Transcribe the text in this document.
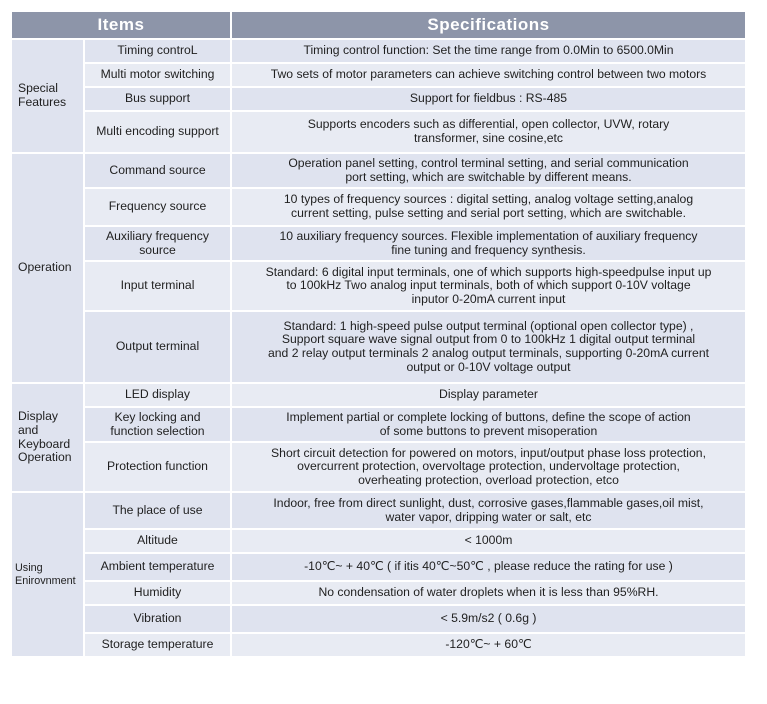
Items		Specifications
Special
Features	Timing controL	Timing control function: Set the time range from 0.0Min to 6500.0Min
	Multi motor switching	Two sets of motor parameters can achieve switching control between two motors
	Bus support	Support for fieldbus : RS-485
	Multi encoding support	Supports encoders such as differential, open collector, UVW, rotary
transformer, sine cosine,etc
Operation	Command source	Operation panel setting, control terminal setting, and serial communication
port setting, which are switchable by different means.
	Frequency source	10 types of frequency sources : digital setting, analog voltage setting,analog
current setting, pulse setting and serial port setting, which are switchable.
	Auxiliary frequency
source	10 auxiliary frequency sources. Flexible implementation of auxiliary frequency
fine tuning and frequency synthesis.
	Input terminal	Standard: 6 digital input terminals, one of which supports high-speedpulse input up
to 100kHz Two analog input terminals, both of which support 0-10V voltage
inputor 0-20mA current input
	Output terminal	Standard: 1 high-speed pulse output terminal (optional open collector type) ,
Support square wave signal output from 0 to 100kHz 1 digital output terminal
and 2 relay output terminals 2 analog output terminals, supporting 0-20mA current
output or 0-10V voltage output
Display
and
Keyboard
Operation	LED display	Display parameter
	Key locking and
function selection	Implement partial or complete locking of buttons, define the scope of action
of some buttons to prevent misoperation
	Protection function	Short circuit detection for powered on motors, input/output phase loss protection,
overcurrent protection, overvoltage protection, undervoltage protection,
overheating protection, overload protection, etco
Using
Enirovnment	The place of use	Indoor, free from direct sunlight, dust, corrosive gases,flammable gases,oil mist,
water vapor, dripping water or salt, etc
	Altitude	< 1000m
	Ambient temperature	-10℃~ + 40℃ ( if itis 40℃~50℃ , please reduce the rating for use )
	Humidity	No condensation of water droplets when it is less than 95%RH.
	Vibration	< 5.9m/s2 ( 0.6g )
	Storage temperature	-120℃~ + 60℃
